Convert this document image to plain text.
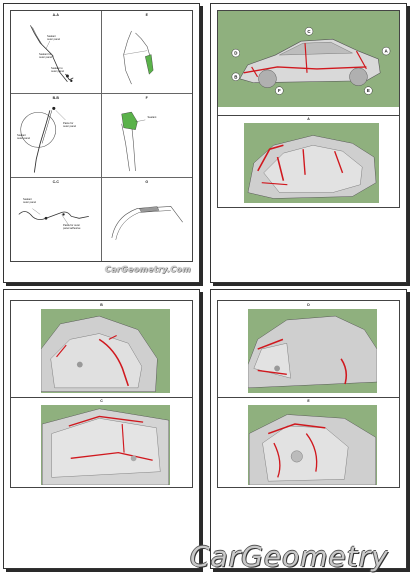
A-A
Sealant
outer panel
Sealant for
outer panel
Sealant to
outer panel
E
B-B
Sealant
outer panel
Paste for
outer panel
F
Sealant
C-C
Sealant
outer panel
Paste for outer
panel adhesive
G
CarGeometry.Com
D
C
A
F
B
E
A
B
C
D
E
CarGeometry
